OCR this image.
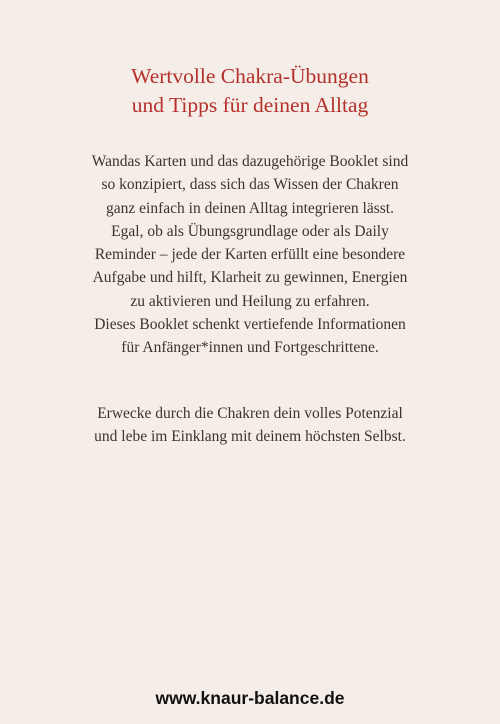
Wertvolle Chakra-Übungen
und Tipps für deinen Alltag

Wandas Karten und das dazugehörige Booklet sind
so konzipiert, dass sich das Wissen der Chakren
ganz einfach in deinen Alltag integrieren lässt.
Egal, ob als Übungsgrundlage oder als Daily
Reminder – jede der Karten erfüllt eine besondere
Aufgabe und hilft, Klarheit zu gewinnen, Energien
zu aktivieren und Heilung zu erfahren.
Dieses Booklet schenkt vertiefende Informationen
für Anfänger*innen und Fortgeschrittene.

Erwecke durch die Chakren dein volles Potenzial
und lebe im Einklang mit deinem höchsten Selbst.

www.knaur-balance.de
